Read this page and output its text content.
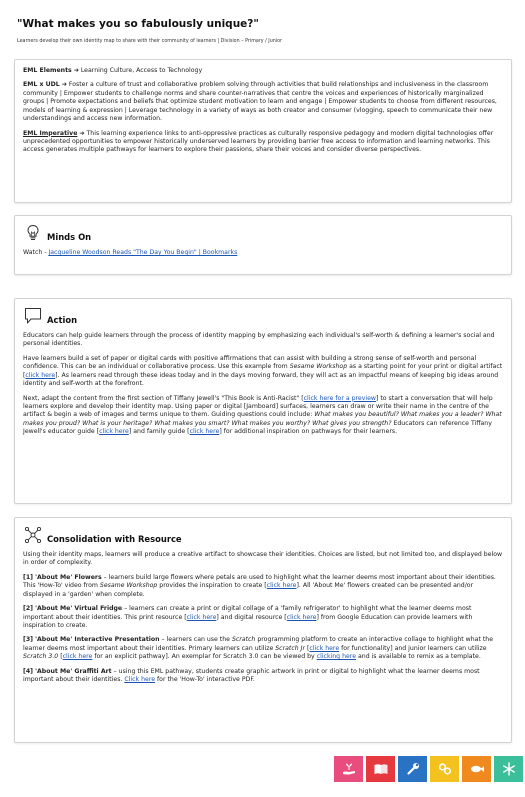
"What makes you so fabulously unique?"
Learners develop their own identity map to share with their community of learners | Division – Primary / Junior

EML Elements ➔ Learning Culture, Access to Technology

EML x UDL ➔ Foster a culture of trust and collaborative problem solving through activities that build relationships and inclusiveness in the classroom community | Empower students to challenge norms and share counter-narratives that centre the voices and experiences of historically marginalized groups | Promote expectations and beliefs that optimize student motivation to learn and engage | Empower students to choose from different resources, models of learning & expression | Leverage technology in a variety of ways as both creator and consumer (vlogging, speech to communicate their new understandings and access new information.

EML Imperative ➔ This learning experience links to anti-oppressive practices as culturally responsive pedagogy and modern digital technologies offer unprecedented opportunities to empower historically underserved learners by providing barrier free access to information and learning networks. This access generates multiple pathways for learners to explore their passions, share their voices and consider diverse perspectives.

Minds On

Watch - Jacqueline Woodson Reads "The Day You Begin" | Bookmarks

Action

Educators can help guide learners through the process of identity mapping by emphasizing each individual's self-worth & defining a learner's social and personal identities.

Have learners build a set of paper or digital cards with positive affirmations that can assist with building a strong sense of self-worth and personal confidence. This can be an individual or collaborative process. Use this example from Sesame Workshop as a starting point for your print or digital artifact [click here]. As learners read through these ideas today and in the days moving forward, they will act as an impactful means of keeping big ideas around identity and self-worth at the forefront.

Next, adapt the content from the first section of Tiffany Jewell's "This Book is Anti-Racist" [click here for a preview] to start a conversation that will help learners explore and develop their identity map. Using paper or digital [Jamboard] surfaces, learners can draw or write their name in the centre of the artifact & begin a web of images and terms unique to them. Guiding questions could include: What makes you beautiful? What makes you a leader? What makes you proud? What is your heritage? What makes you smart? What makes you worthy? What gives you strength? Educators can reference Tiffany Jewell's educator guide [click here] and family guide [click here] for additional inspiration on pathways for their learners.

Consolidation with Resource

Using their identity maps, learners will produce a creative artifact to showcase their identities. Choices are listed, but not limited too, and displayed below in order of complexity.

[1] 'About Me' Flowers – learners build large flowers where petals are used to highlight what the learner deems most important about their identities. This 'How-To' video from Sesame Workshop provides the inspiration to create [click here]. All 'About Me' flowers created can be presented and/or displayed in a 'garden' when complete.

[2] 'About Me' Virtual Fridge – learners can create a print or digital collage of a 'family refrigerator' to highlight what the learner deems most important about their identities. This print resource [click here] and digital resource [click here] from Google Education can provide learners with inspiration to create.

[3] 'About Me' Interactive Presentation – learners can use the Scratch programming platform to create an interactive collage to highlight what the learner deems most important about their identities. Primary learners can utilize Scratch Jr [click here for functionality] and junior learners can utilize Scratch 3.0 [click here for an explicit pathway]. An exemplar for Scratch 3.0 can be viewed by clicking here and is available to remix as a template.

[4] 'About Me' Graffiti Art – using this EML pathway, students create graphic artwork in print or digital to highlight what the learner deems most important about their identities. Click here for the 'How-To' interactive PDF.
